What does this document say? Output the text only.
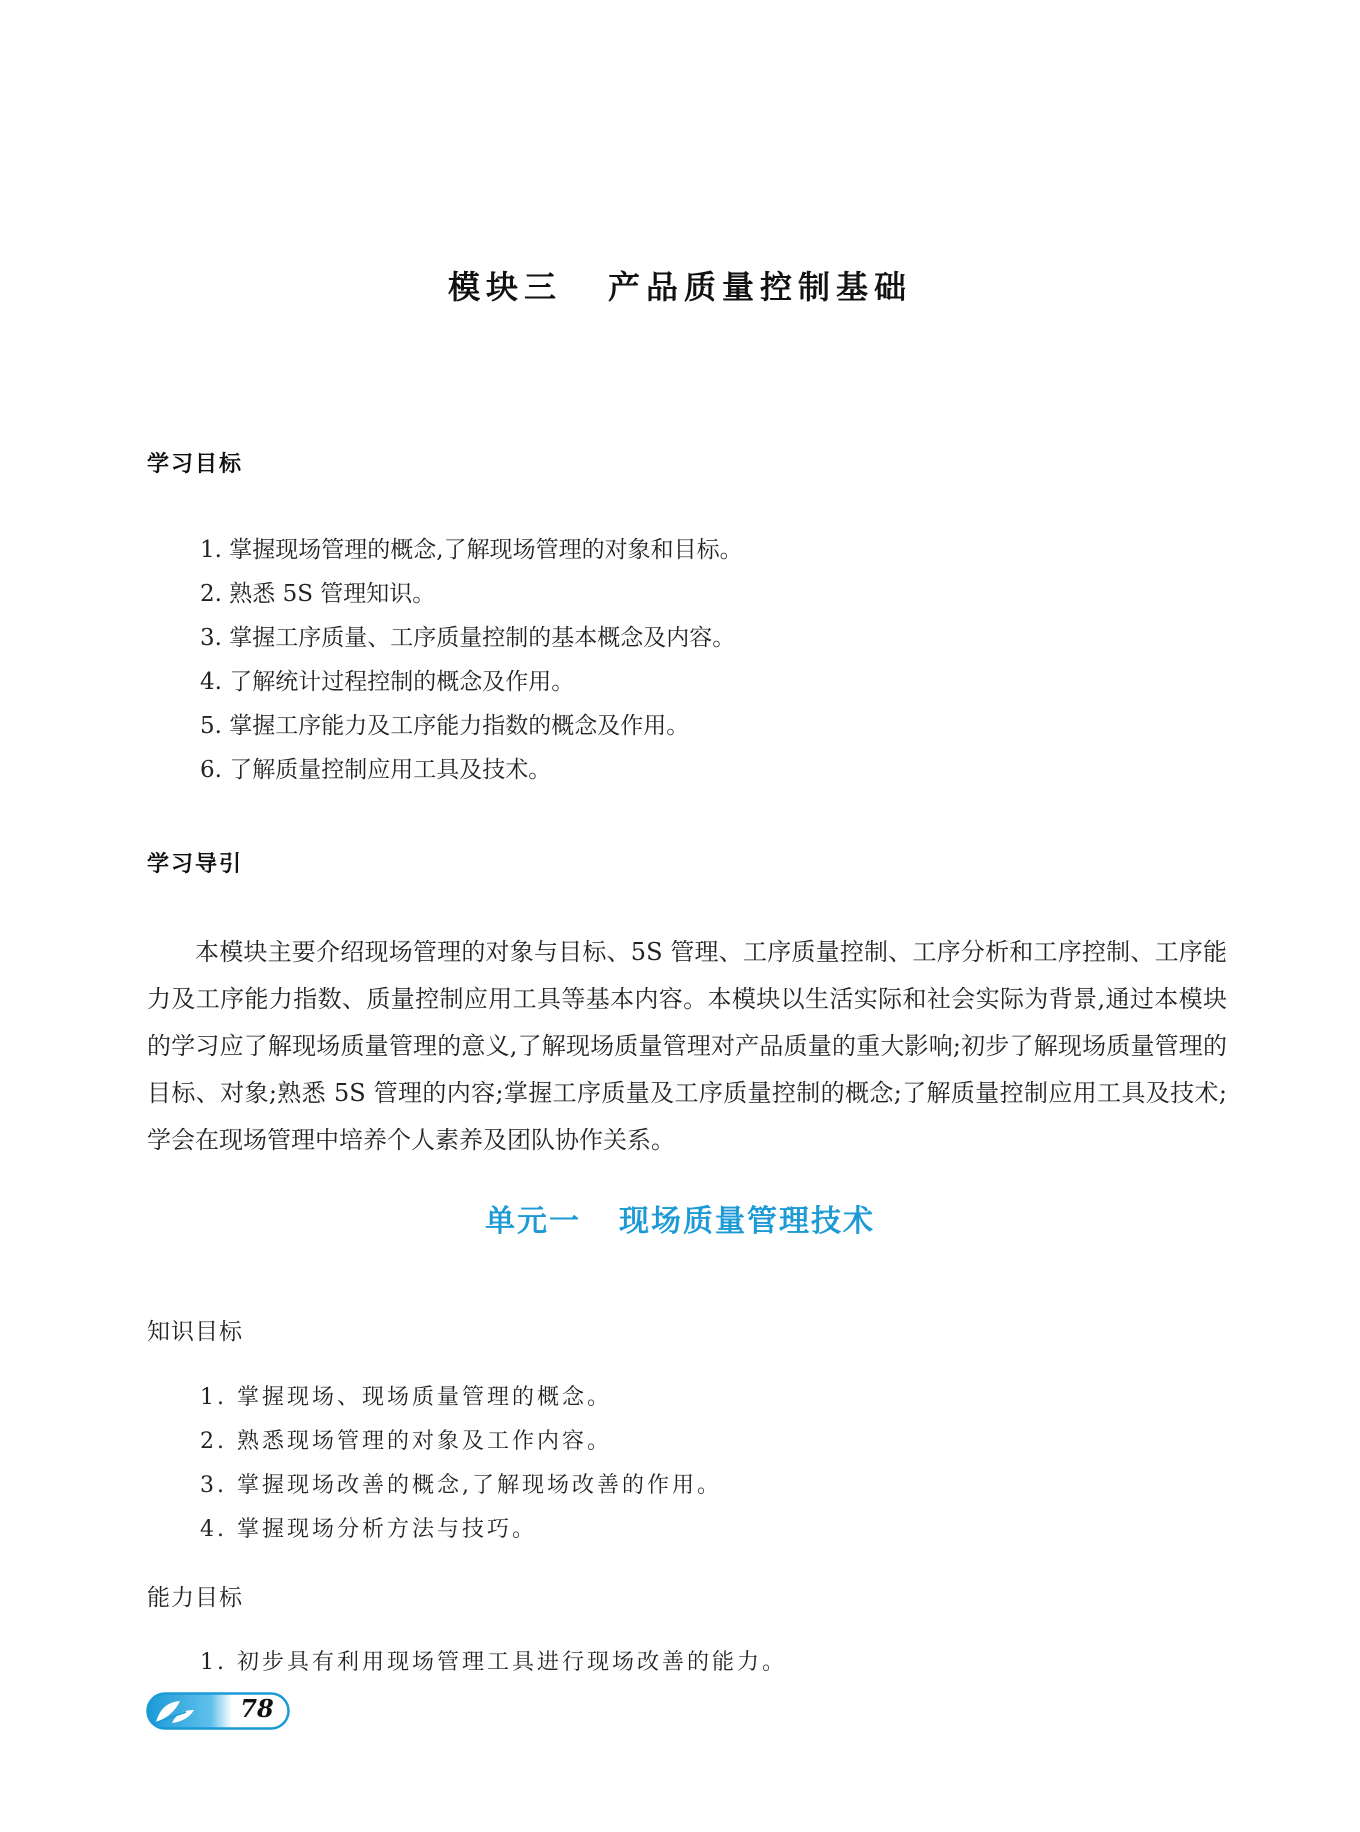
模块三 产品质量控制基础
学习目标
1. 掌握现场管理的概念,了解现场管理的对象和目标。
2. 熟悉 5S 管理知识。
3. 掌握工序质量、工序质量控制的基本概念及内容。
4. 了解统计过程控制的概念及作用。
5. 掌握工序能力及工序能力指数的概念及作用。
6. 了解质量控制应用工具及技术。
学习导引

本模块主要介绍现场管理的对象与目标、5S 管理、工序质量控制、工序分析和工序控制、工序能力及工序能力指数、质量控制应用工具等基本内容。本模块以生活实际和社会实际为背景,通过本模块的学习应了解现场质量管理的意义,了解现场质量管理对产品质量的重大影响;初步了解现场质量管理的目标、对象;熟悉 5S 管理的内容;掌握工序质量及工序质量控制的概念;了解质量控制应用工具及技术;学会在现场管理中培养个人素养及团队协作关系。

单元一 现场质量管理技术
知识目标
1. 掌握现场、现场质量管理的概念。
2. 熟悉现场管理的对象及工作内容。
3. 掌握现场改善的概念,了解现场改善的作用。
4. 掌握现场分析方法与技巧。
能力目标
1. 初步具有利用现场管理工具进行现场改善的能力。
78
